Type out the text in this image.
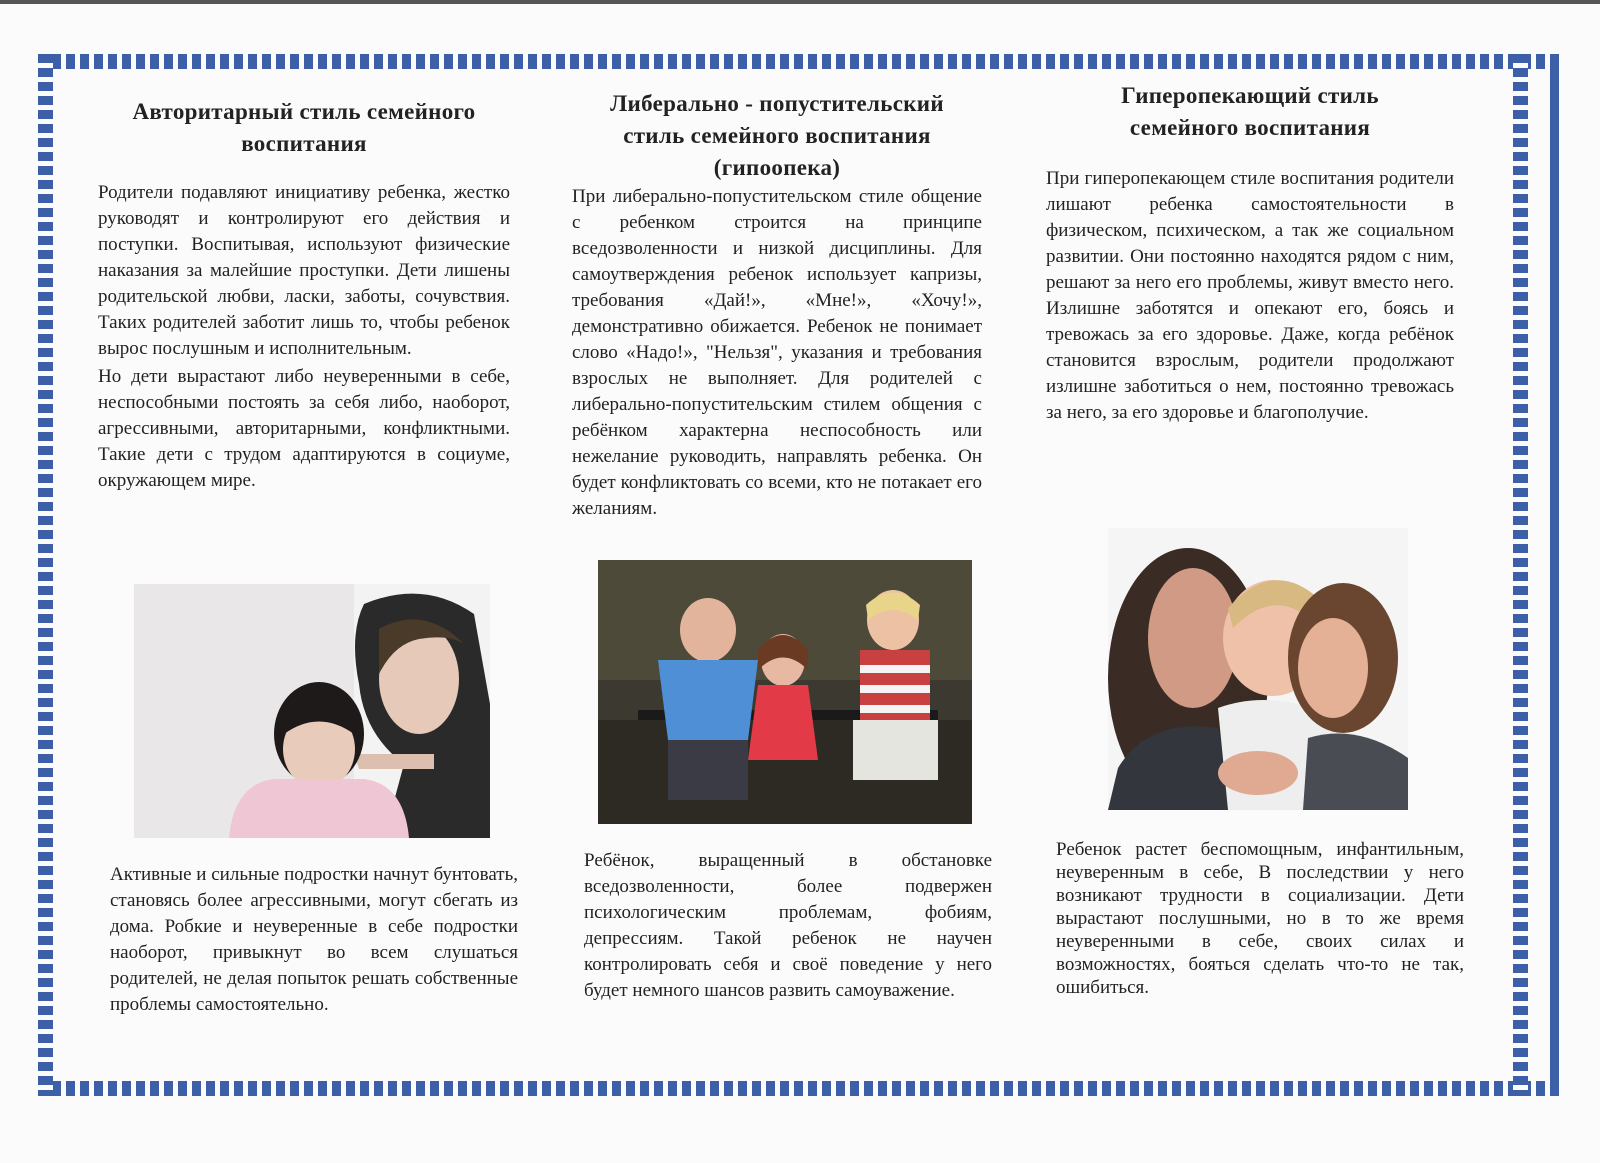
Авторитарный стиль семейного
воспитания

Родители подавляют инициативу ребенка, жестко руководят и контролируют его действия и поступки. Воспитывая, используют физические наказания за малейшие проступки. Дети лишены родительской любви, ласки, заботы, сочувствия. Таких родителей заботит лишь то, чтобы ребенок вырос послушным и исполнительным.

Но дети вырастают либо неуверенными в себе, неспособными постоять за себя либо, наоборот, агрессивными, авторитарными, конфликтными. Такие дети с трудом адаптируются в социуме, окружающем мире.

Активные и сильные подростки начнут бунтовать, становясь более агрессивными, могут сбегать из дома. Робкие и неуверенные в себе подростки наоборот, привыкнут во всем слушаться родителей, не делая попыток решать собственные проблемы самостоятельно.

Либерально - попустительский
стиль семейного воспитания
(гипоопека)

При либерально-попустительском стиле общение с ребенком строится на принципе вседозволенности и низкой дисциплины. Для самоутверждения ребенок использует капризы, требования «Дай!», «Мне!», «Хочу!», демонстративно обижается. Ребенок не понимает слово «Надо!», "Нельзя", указания и требования взрослых не выполняет. Для родителей с либерально-попустительским стилем общения с ребёнком характерна неспособность или нежелание руководить, направлять ребенка. Он будет конфликтовать со всеми, кто не потакает его желаниям.

Ребёнок, выращенный в обстановке вседозволенности, более подвержен психологическим проблемам, фобиям, депрессиям. Такой ребенок не научен контролировать себя и своё поведение у него будет немного шансов развить самоуважение.

Гиперопекающий стиль
семейного воспитания

При гиперопекающем стиле воспитания родители лишают ребенка самостоятельности в физическом, психическом, а так же социальном развитии. Они постоянно находятся рядом с ним, решают за него его проблемы, живут вместо него. Излишне заботятся и опекают его, боясь и тревожась за его здоровье. Даже, когда ребёнок становится взрослым, родители продолжают излишне заботиться о нем, постоянно тревожась за него, за его здоровье и благополучие.

Ребенок растет беспомощным, инфантильным, неуверенным в себе, В последствии у него возникают трудности в социализации. Дети вырастают послушными, но в то же время неуверенными в себе, своих силах и возможностях, бояться сделать что-то не так, ошибиться.
